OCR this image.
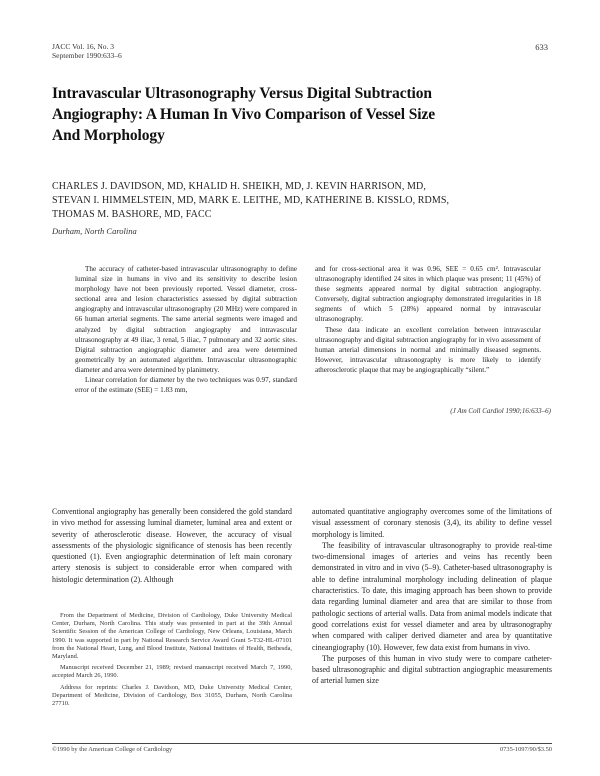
JACC Vol. 16, No. 3
September 1990:633–6
633
Intravascular Ultrasonography Versus Digital Subtraction
Angiography: A Human In Vivo Comparison of Vessel Size
And Morphology
CHARLES J. DAVIDSON, MD, KHALID H. SHEIKH, MD, J. KEVIN HARRISON, MD,
STEVAN I. HIMMELSTEIN, MD, MARK E. LEITHE, MD, KATHERINE B. KISSLO, RDMS,
THOMAS M. BASHORE, MD, FACC
Durham, North Carolina

The accuracy of catheter-based intravascular ultrasonography to define luminal size in humans in vivo and its sensitivity to describe lesion morphology have not been previously reported. Vessel diameter, cross-sectional area and lesion characteristics assessed by digital subtraction angiography and intravascular ultrasonography (20 MHz) were compared in 66 human arterial segments. The same arterial segments were imaged and analyzed by digital subtraction angiography and intravascular ultrasonography at 49 iliac, 3 renal, 5 iliac, 7 pulmonary and 32 aortic sites. Digital subtraction angiographic diameter and area were determined geometrically by an automated algorithm. Intravascular ultrasonographic diameter and area were determined by planimetry.

Linear correlation for diameter by the two techniques was 0.97, standard error of the estimate (SEE) = 1.83 mm,

and for cross-sectional area it was 0.96, SEE = 0.65 cm². Intravascular ultrasonography identified 24 sites in which plaque was present; 11 (45%) of these segments appeared normal by digital subtraction angiography. Conversely, digital subtraction angiography demonstrated irregularities in 18 segments of which 5 (28%) appeared normal by intravascular ultrasonography.

These data indicate an excellent correlation between intravascular ultrasonography and digital subtraction angiography for in vivo assessment of human arterial dimensions in normal and minimally diseased segments. However, intravascular ultrasonography is more likely to identify atherosclerotic plaque that may be angiographically “silent.”

(J Am Coll Cardiol 1990;16:633–6)

Conventional angiography has generally been considered the gold standard in vivo method for assessing luminal diameter, luminal area and extent or severity of atherosclerotic disease. However, the accuracy of visual assessments of the physiologic significance of stenosis has been recently questioned (1). Even angiographic determination of left main coronary artery stenosis is subject to considerable error when compared with histologic determination (2). Although

automated quantitative angiography overcomes some of the limitations of visual assessment of coronary stenosis (3,4), its ability to define vessel morphology is limited.

The feasibility of intravascular ultrasonography to provide real-time two-dimensional images of arteries and veins has recently been demonstrated in vitro and in vivo (5–9). Catheter-based ultrasonography is able to define intraluminal morphology including delineation of plaque characteristics. To date, this imaging approach has been shown to provide data regarding luminal diameter and area that are similar to those from pathologic sections of arterial walls. Data from animal models indicate that good correlations exist for vessel diameter and area by ultrasonography when compared with caliper derived diameter and area by quantitative cineangiography (10). However, few data exist from humans in vivo.

The purposes of this human in vivo study were to compare catheter-based ultrasonographic and digital subtraction angiographic measurements of arterial lumen size

From the Department of Medicine, Division of Cardiology, Duke University Medical Center, Durham, North Carolina. This study was presented in part at the 39th Annual Scientific Session of the American College of Cardiology, New Orleans, Louisiana, March 1990. It was supported in part by National Research Service Award Grant 5-T32-HL-07101 from the National Heart, Lung, and Blood Institute, National Institutes of Health, Bethesda, Maryland.

Manuscript received December 21, 1989; revised manuscript received March 7, 1990, accepted March 26, 1990.

Address for reprints: Charles J. Davidson, MD, Duke University Medical Center, Department of Medicine, Division of Cardiology, Box 31055, Durham, North Carolina 27710.

©1990 by the American College of Cardiology	0735-1097/90/$3.50
